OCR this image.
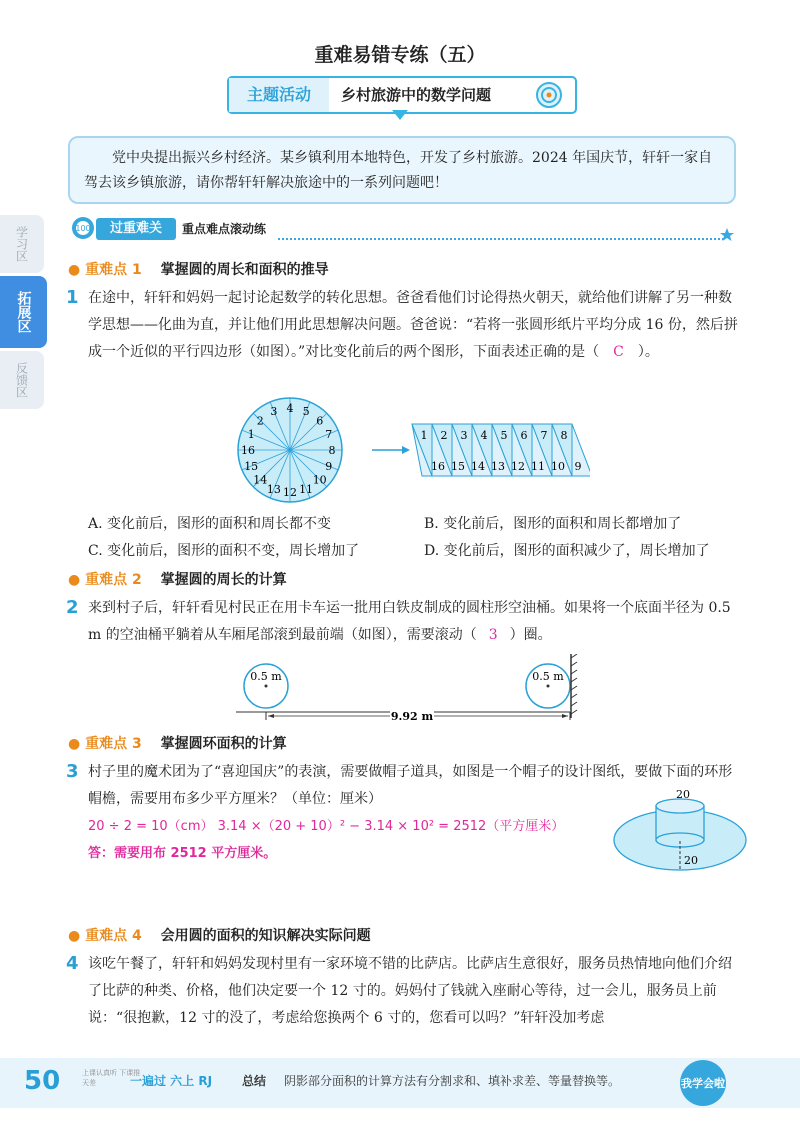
重难易错专练（五）
主题活动	乡村旅游中的数学问题
党中央提出振兴乡村经济。某乡镇利用本地特色，开发了乡村旅游。2024 年国庆节，轩轩一家自驾去该乡镇旅游，请你帮轩轩解决旅途中的一系列问题吧！
学习区
拓展区
反馈区
100	过重难关	重点难点滚动练
● 重难点 1 掌握圆的周长和面积的推导
1 在途中，轩轩和妈妈一起讨论起数学的转化思想。爸爸看他们讨论得热火朝天，就给他们讲解了另一种数学思想——化曲为直，并让他们用此思想解决问题。爸爸说：“若将一张圆形纸片平均分成 16 份，然后拼成一个近似的平行四边形（如图）。”对比变化前后的两个图形，下面表述正确的是（ C ）。
1
2
3 4 5
6
7
8
9
10
11
12
13
14
15
16
1
16
2
15
3
14
4
13
5
12
6
11
7
10
8
9
A. 变化前后，图形的面积和周长都不变	B. 变化前后，图形的面积和周长都增加了
C. 变化前后，图形的面积不变，周长增加了	D. 变化前后，图形的面积减少了，周长增加了
● 重难点 2 掌握圆的周长的计算
2 来到村子后，轩轩看见村民正在用卡车运一批用白铁皮制成的圆柱形空油桶。如果将一个底面半径为 0.5 m 的空油桶平躺着从车厢尾部滚到最前端（如图），需要滚动（ 3 ）圈。
0.5 m	0.5 m
9.92 m
● 重难点 3 掌握圆环面积的计算
3 村子里的魔术团为了“喜迎国庆”的表演，需要做帽子道具，如图是一个帽子的设计图纸，要做下面的环形帽檐，需要用布多少平方厘米？（单位：厘米）
20 ÷ 2 = 10（cm） 3.14 ×（20 + 10）² − 3.14 × 10² = 2512（平方厘米）
答：需要用布 2512 平方厘米。
20
20
● 重难点 4 会用圆的面积的知识解决实际问题
4 该吃午餐了，轩轩和妈妈发现村里有一家环境不错的比萨店。比萨店生意很好，服务员热情地向他们介绍了比萨的种类、价格，他们决定要一个 12 寸的。妈妈付了钱就入座耐心等待，过一会儿，服务员上前说：“很抱歉，12 寸的没了，考虑给您换两个 6 寸的，您看可以吗？”轩轩没加考虑
50	上课认真听 下课推天差	一遍过 六上 RJ 总结 阴影部分面积的计算方法有分割求和、填补求差、等量替换等。	我学会啦
